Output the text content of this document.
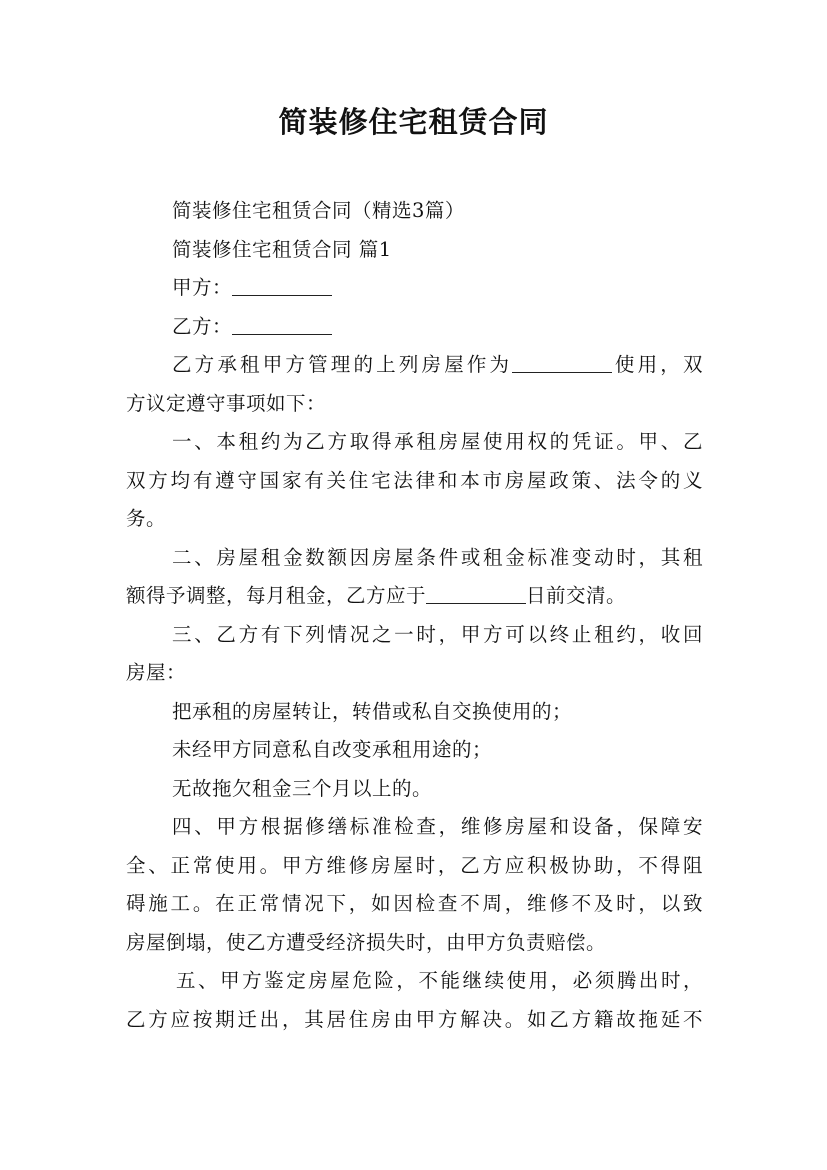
简装修住宅租赁合同
简装修住宅租赁合同（精选3篇）
简装修住宅租赁合同 篇1
甲方：
乙方：
乙方承租甲方管理的上列房屋作为	使用，双
方议定遵守事项如下：
一、本租约为乙方取得承租房屋使用权的凭证。甲、乙
双方均有遵守国家有关住宅法律和本市房屋政策、法令的义
务。
二、房屋租金数额因房屋条件或租金标准变动时，其租
额得予调整，每月租金，乙方应于	日前交清。
三、乙方有下列情况之一时，甲方可以终止租约，收回
房屋：
把承租的房屋转让，转借或私自交换使用的；
未经甲方同意私自改变承租用途的；
无故拖欠租金三个月以上的。
四、甲方根据修缮标准检查，维修房屋和设备，保障安
全、正常使用。甲方维修房屋时，乙方应积极协助，不得阻
碍施工。在正常情况下，如因检查不周，维修不及时，以致
房屋倒塌，使乙方遭受经济损失时，由甲方负责赔偿。
五、甲方鉴定房屋危险，不能继续使用，必须腾出时，
乙方应按期迁出，其居住房由甲方解决。如乙方籍故拖延不
